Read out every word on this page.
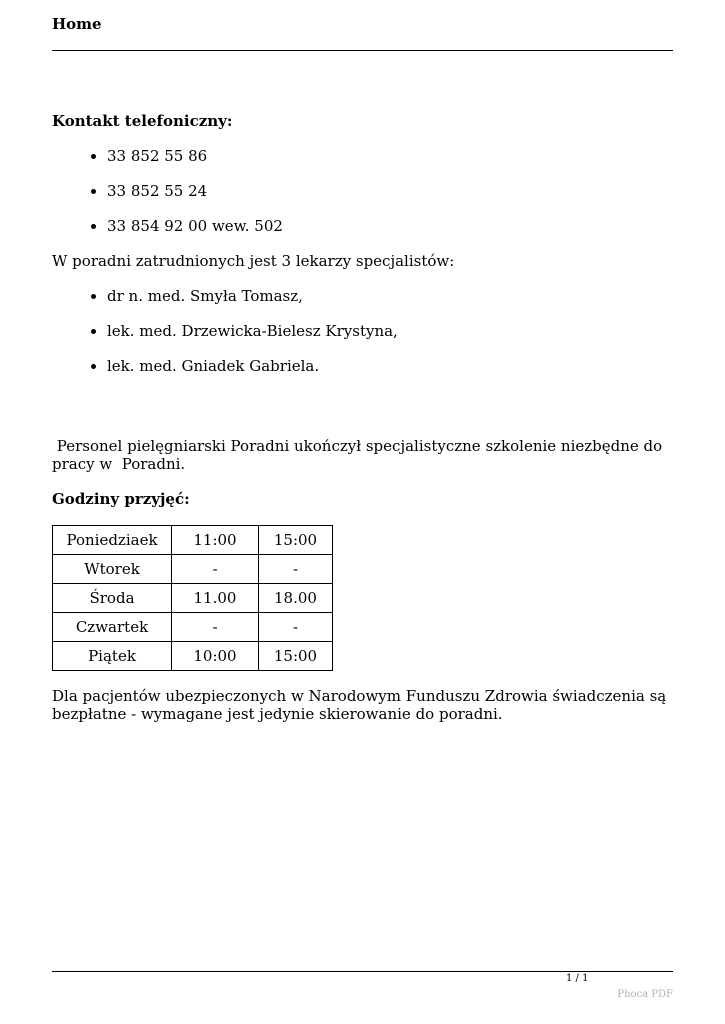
Home
Kontakt telefoniczny:
• 33 852 55 86
• 33 852 55 24
• 33 854 92 00 wew. 502
W poradni zatrudnionych jest 3 lekarzy specjalistów:
• dr n. med. Smyła Tomasz,
• lek. med. Drzewicka-Bielesz Krystyna,
• lek. med. Gniadek Gabriela.
Personel pielęgniarski Poradni ukończył specjalistyczne szkolenie niezbędne do pracy w  Poradni.
Godziny przyjęć:
Poniedziaek	11:00	15:00
Wtorek	-	-
Środa	11.00	18.00
Czwartek	-	-
Piątek	10:00	15:00
Dla pacjentów ubezpieczonych w Narodowym Funduszu Zdrowia świadczenia są bezpłatne - wymagane jest jedynie skierowanie do poradni.
1 / 1
Phoca PDF
